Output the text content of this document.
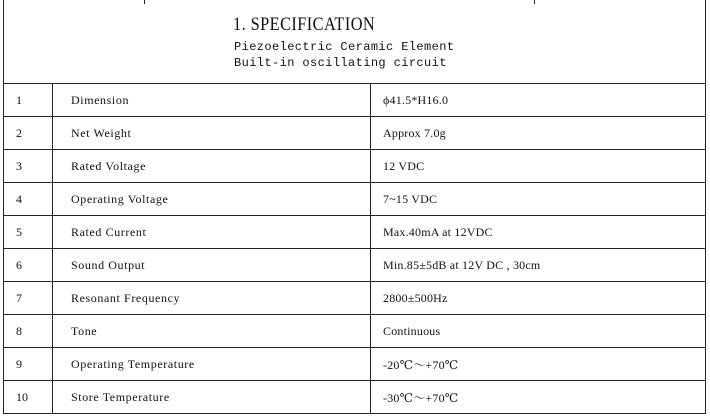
1. SPECIFICATION
Piezoelectric Ceramic Element
Built-in oscillating circuit
1	Dimension	ϕ41.5*H16.0
2	Net Weight	Approx 7.0g
3	Rated Voltage	12 VDC
4	Operating Voltage	7~15 VDC
5	Rated Current	Max.40mA at 12VDC
6	Sound Output	Min.85±5dB at 12V DC , 30cm
7	Resonant Frequency	2800±500Hz
8	Tone	Continuous
9	Operating Temperature	-20℃～+70℃
10	Store Temperature	-30℃～+70℃
